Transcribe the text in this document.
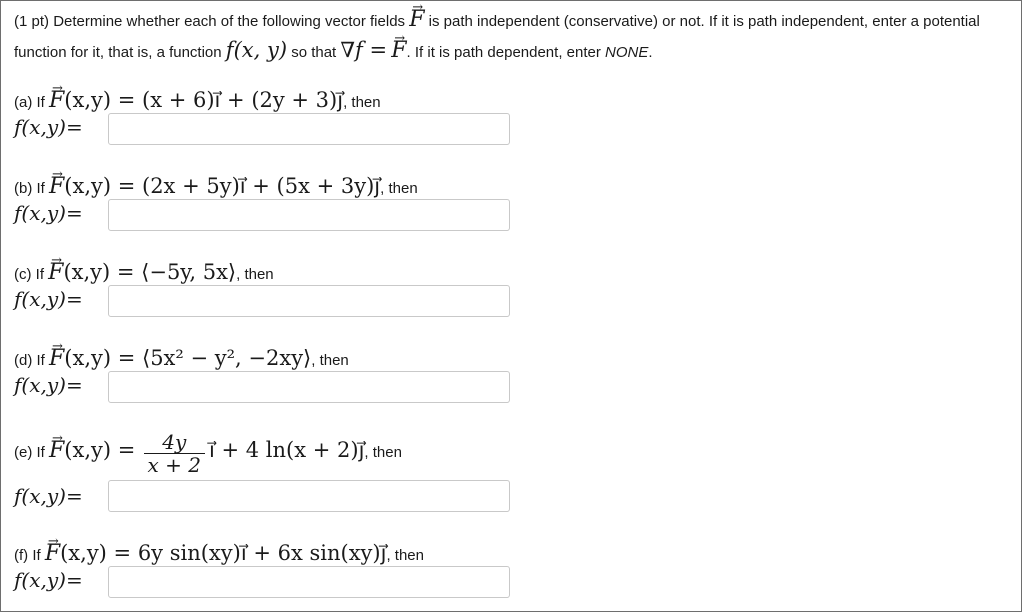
(1 pt) Determine whether each of the following vector fields → F is path independent (conservative) or not. If it is path independent, enter a potential function for it, that is, a function f(x, y) so that ∇f = → F. If it is path dependent, enter NONE.
(a) If → F(x,y) = (x + 6)i⃗ + (2y + 3)j⃗, then
f(x,y)=
(b) If → F(x,y) = (2x + 5y)i⃗ + (5x + 3y)j⃗, then
f(x,y)=
(c) If → F(x,y) = ⟨−5y, 5x⟩, then
f(x,y)=
(d) If → F(x,y) = ⟨5x² − y², −2xy⟩, then
f(x,y)=
(e) $If \to F(x,y) = \frac{4y}{x + 2}$ i⃗ + 4 ln(x + 2)j⃗, then
f(x,y)=
(f) If → F(x,y) = 6y sin(xy)i⃗ + 6x sin(xy)j⃗, then
f(x,y)=
